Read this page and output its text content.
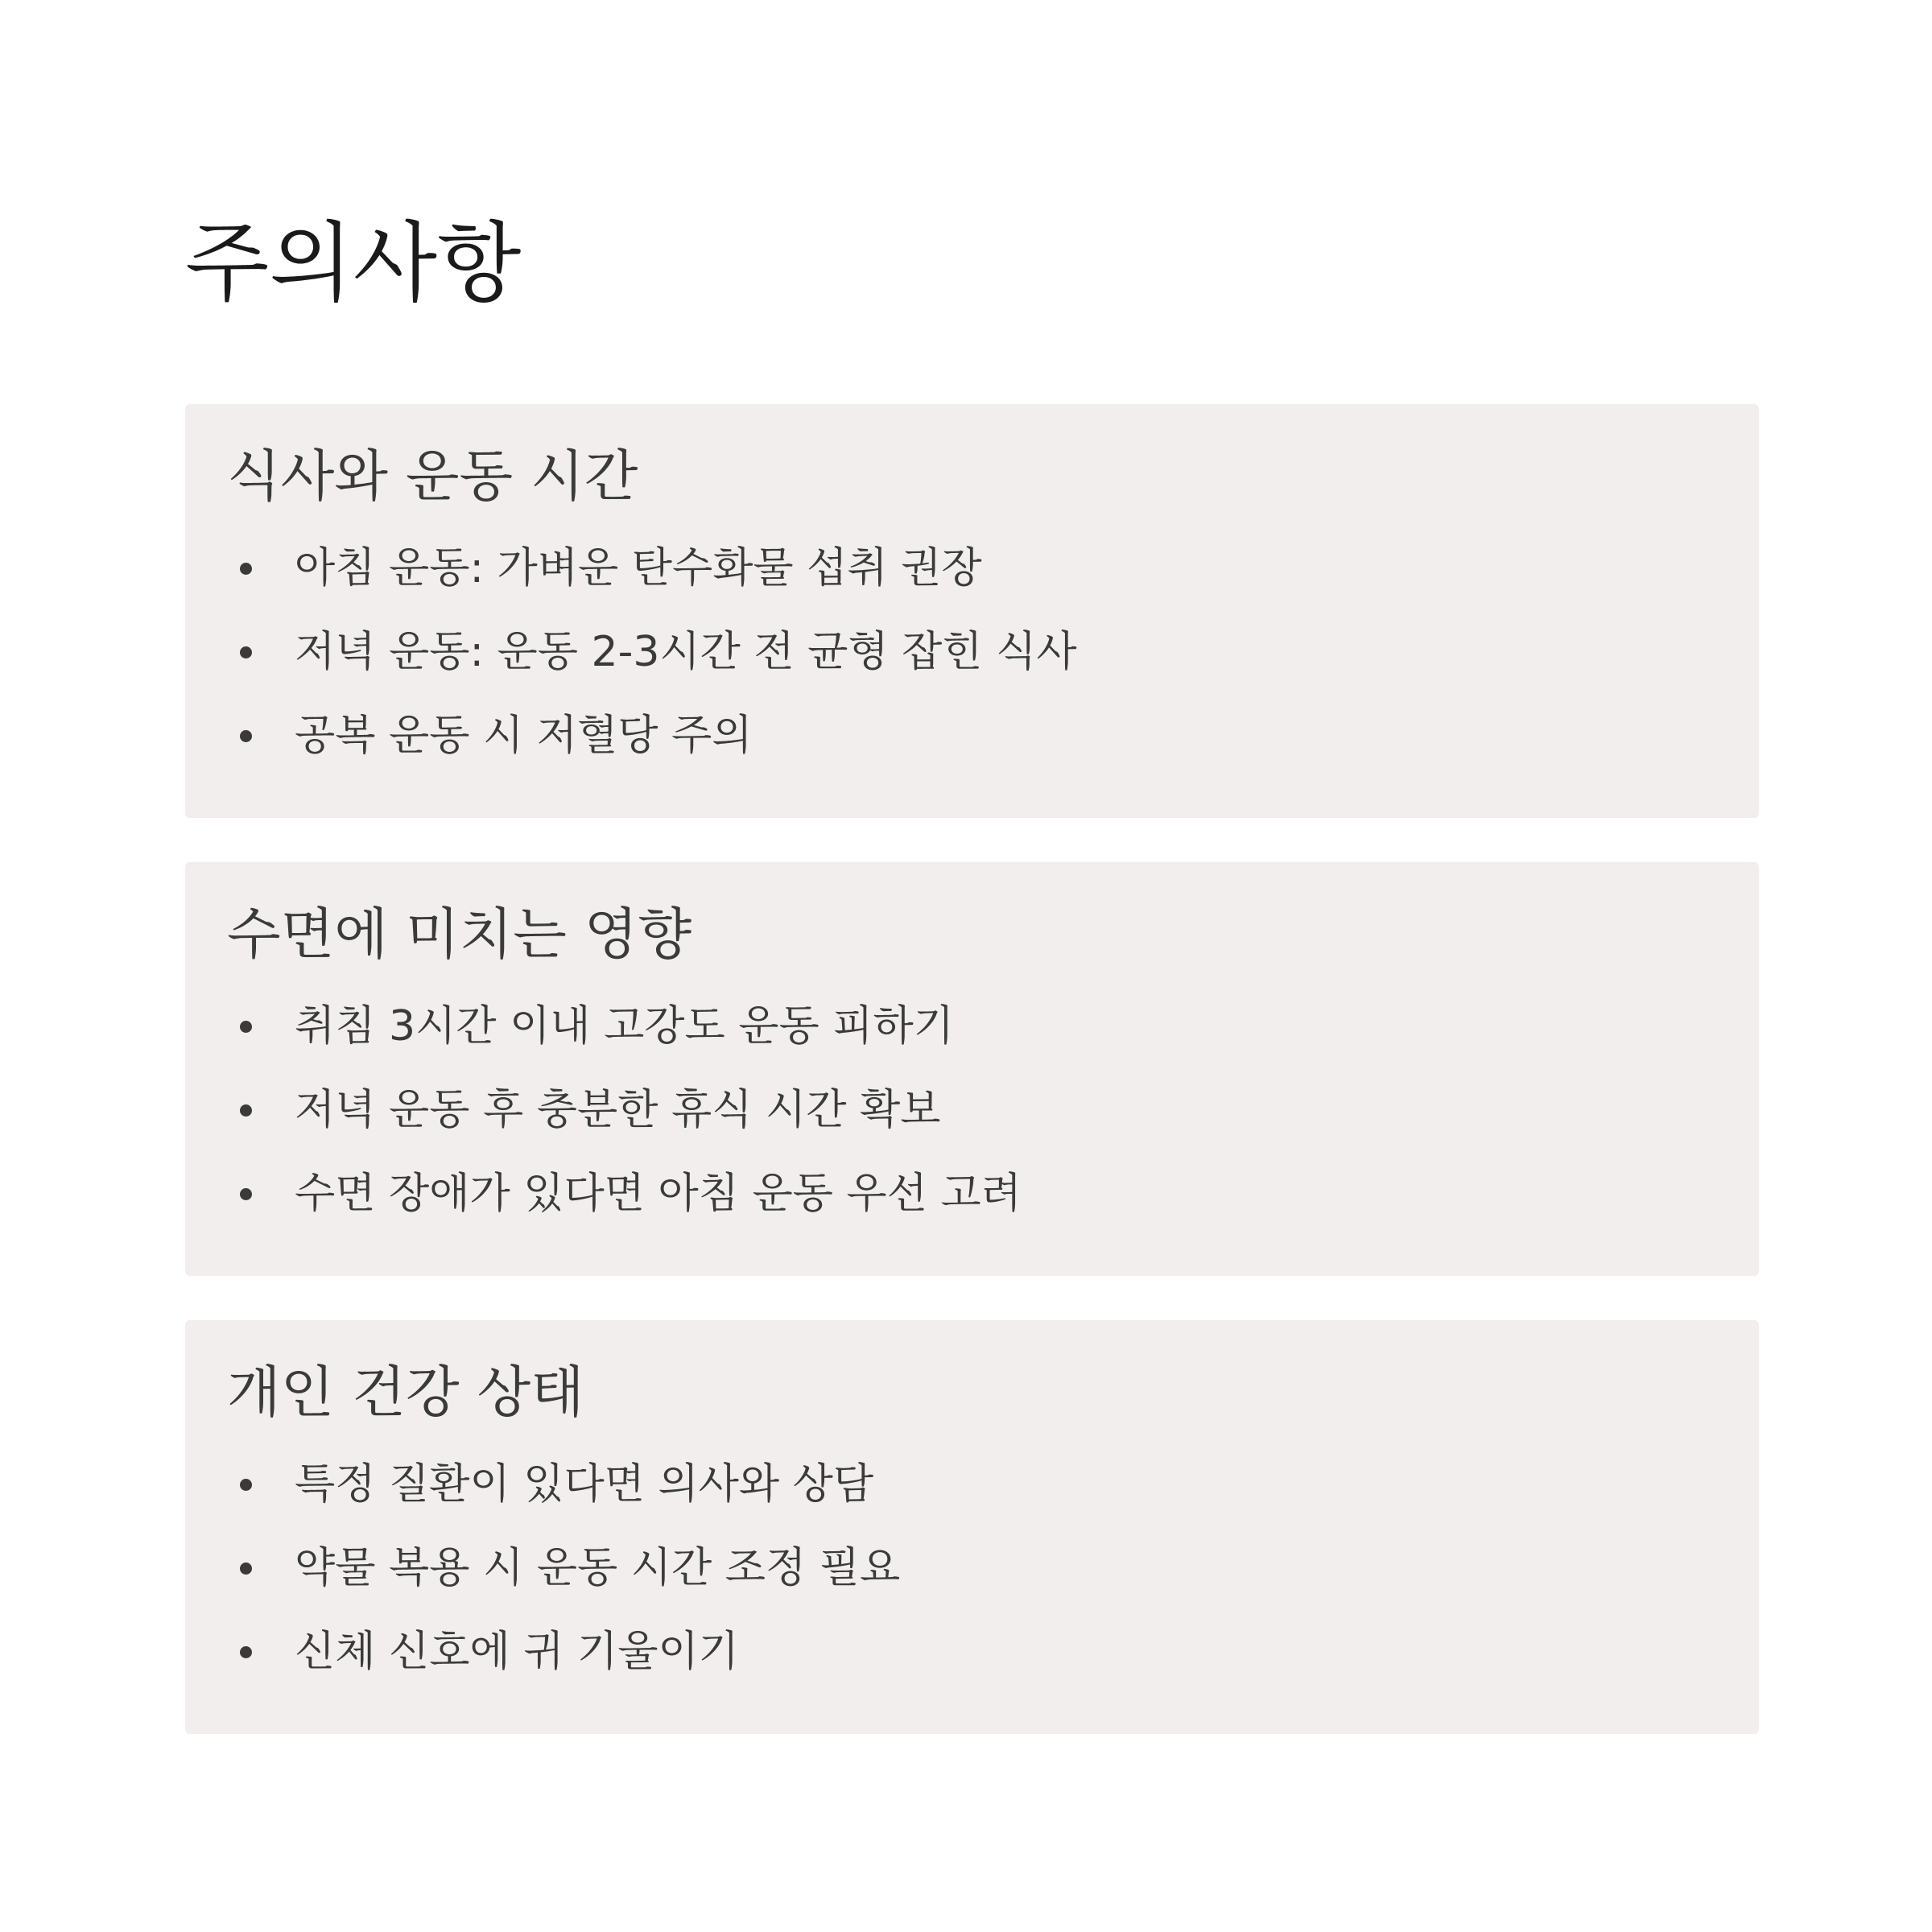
주의사항
식사와 운동 시간
아침 운동: 가벼운 탄수화물 섭취 권장
저녁 운동: 운동 2-3시간 전 균형 잡힌 식사
공복 운동 시 저혈당 주의
수면에 미치는 영향
취침 3시간 이내 고강도 운동 피하기
저녁 운동 후 충분한 휴식 시간 확보
수면 장애가 있다면 아침 운동 우선 고려
개인 건강 상태
특정 질환이 있다면 의사와 상담
약물 복용 시 운동 시간 조정 필요
신체 신호에 귀 기울이기
